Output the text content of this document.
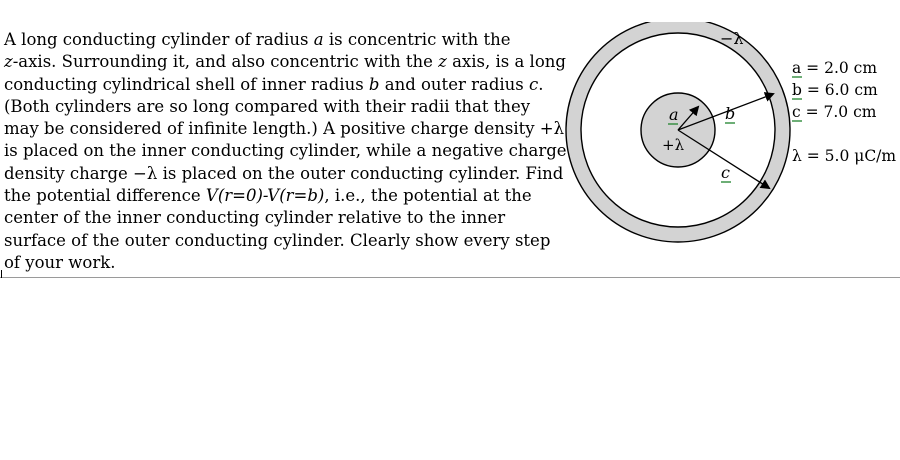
A long conducting cylinder of radius a is concentric with the
z-axis. Surrounding it, and also concentric with the z axis, is a long
conducting cylindrical shell of inner radius b and outer radius c.
(Both cylinders are so long compared with their radii that they
may be considered of infinite length.) A positive charge density +λ
is placed on the inner conducting cylinder, while a negative charge
density charge −λ is placed on the outer conducting cylinder. Find
the potential difference V(r=0)-V(r=b), i.e., the potential at the
center of the inner conducting cylinder relative to the inner
surface of the outer conducting cylinder. Clearly show every step
of your work.
−λ
+λ
a	b
c
a = 2.0 cm
b = 6.0 cm
c = 7.0 cm
λ = 5.0 μC/m
